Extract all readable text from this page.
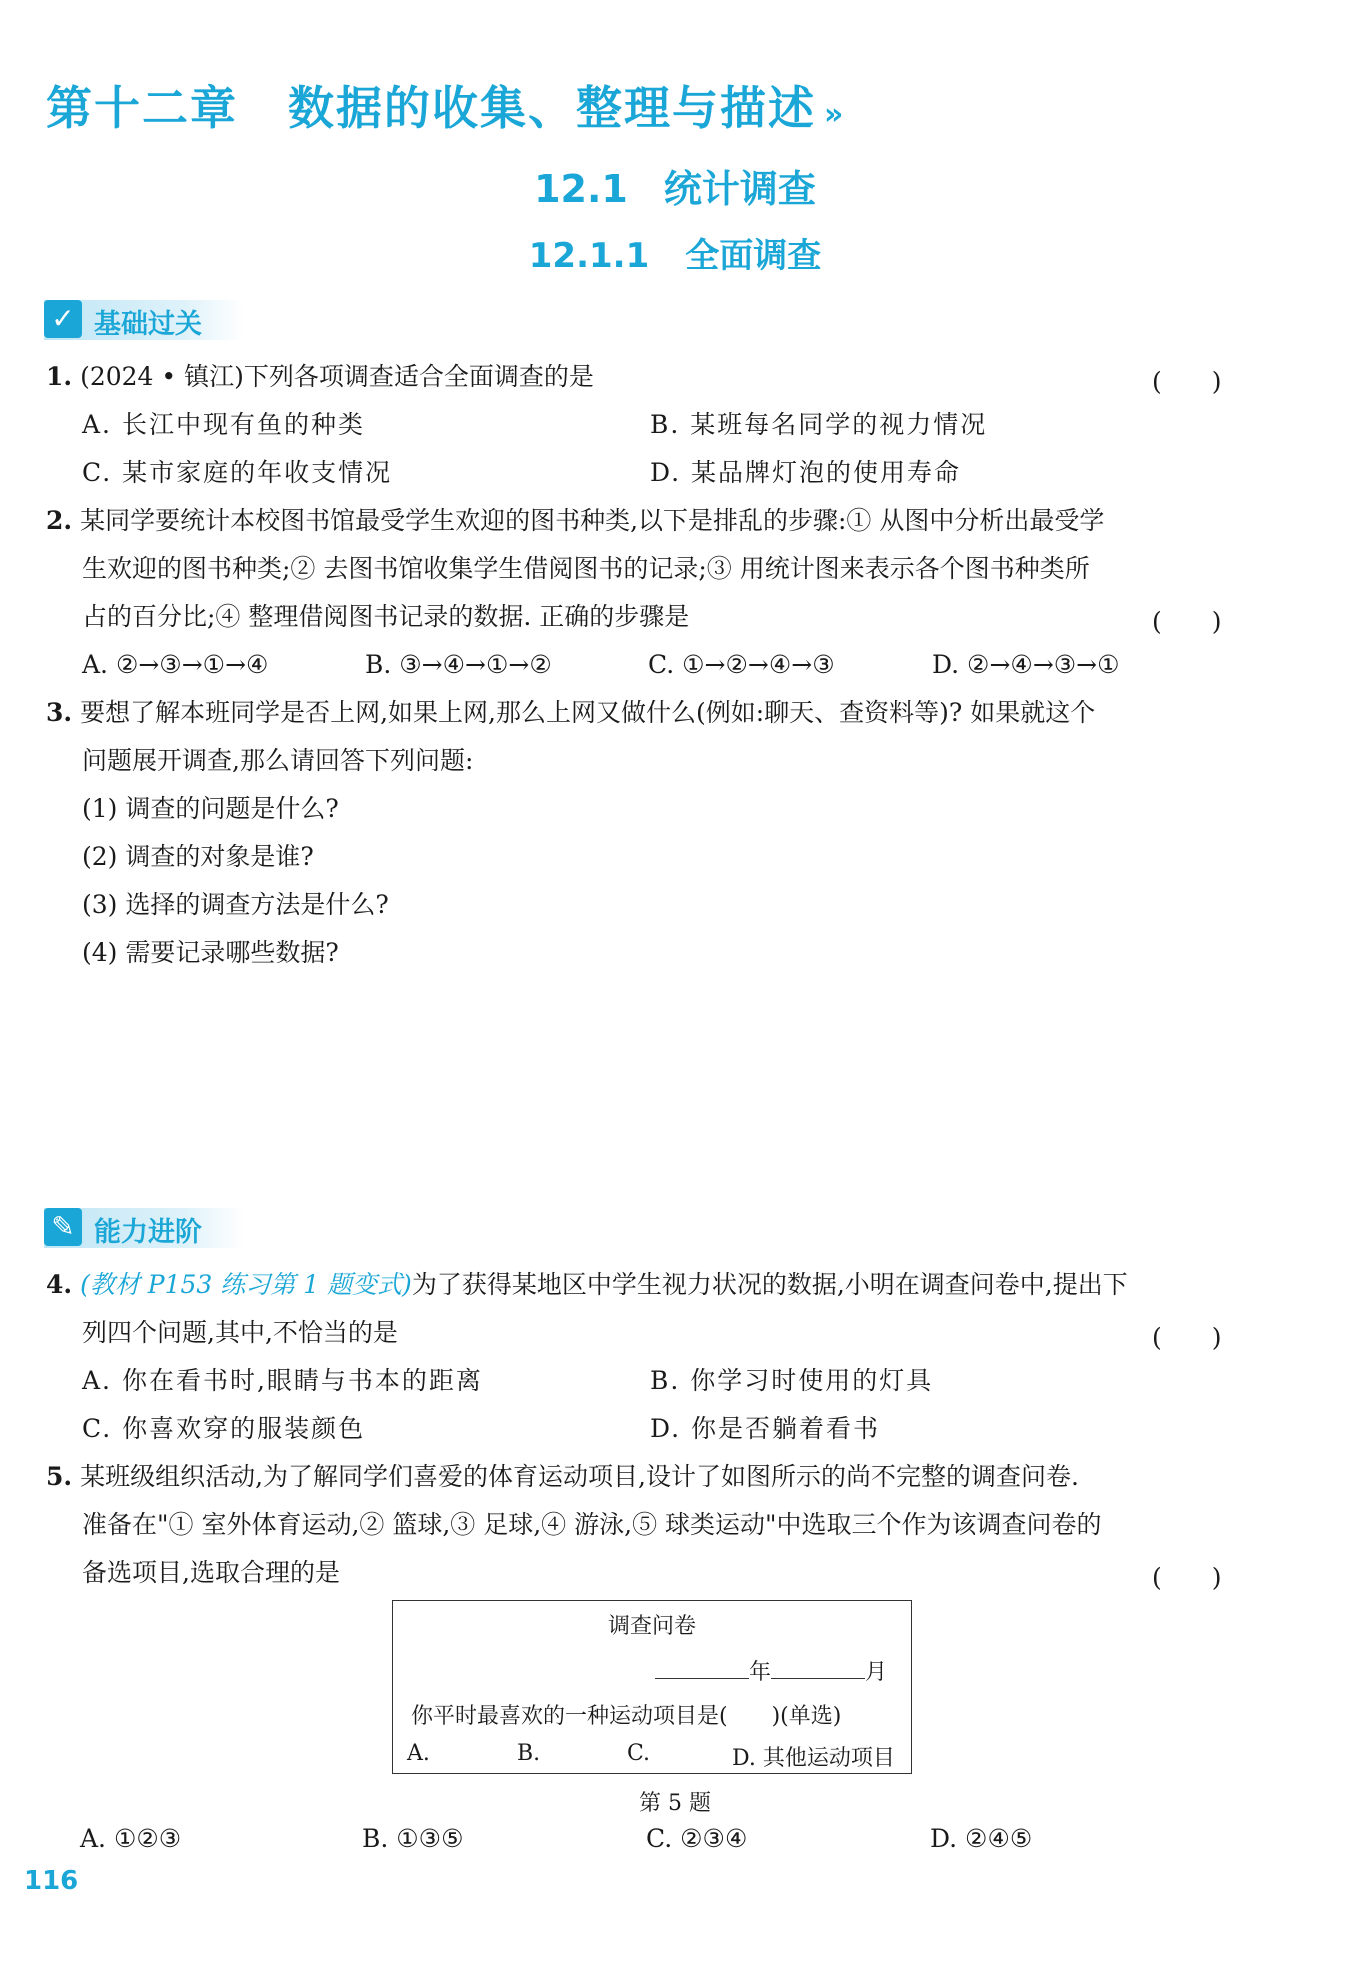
第十二章 数据的收集、整理与描述 »
12.1 统计调查
12.1.1 全面调查
✓ 基础过关
1. (2024 • 镇江)下列各项调查适合全面调查的是	(　　)
A. 长江中现有鱼的种类	B. 某班每名同学的视力情况
C. 某市家庭的年收支情况	D. 某品牌灯泡的使用寿命
2. 某同学要统计本校图书馆最受学生欢迎的图书种类,以下是排乱的步骤:① 从图中分析出最受学
生欢迎的图书种类;② 去图书馆收集学生借阅图书的记录;③ 用统计图来表示各个图书种类所
占的百分比;④ 整理借阅图书记录的数据. 正确的步骤是	(　　)
A. ②→③→①→④	B. ③→④→①→②	C. ①→②→④→③	D. ②→④→③→①
3. 要想了解本班同学是否上网,如果上网,那么上网又做什么(例如:聊天、查资料等)? 如果就这个
问题展开调查,那么请回答下列问题:
(1) 调查的问题是什么?
(2) 调查的对象是谁?
(3) 选择的调查方法是什么?
(4) 需要记录哪些数据?
✎ 能力进阶
4. (教材 P153 练习第 1 题变式)为了获得某地区中学生视力状况的数据,小明在调查问卷中,提出下
列四个问题,其中,不恰当的是	(　　)
A. 你在看书时,眼睛与书本的距离	B. 你学习时使用的灯具
C. 你喜欢穿的服装颜色	D. 你是否躺着看书
5. 某班级组织活动,为了解同学们喜爱的体育运动项目,设计了如图所示的尚不完整的调查问卷.
准备在"① 室外体育运动,② 篮球,③ 足球,④ 游泳,⑤ 球类运动"中选取三个作为该调查问卷的
备选项目,选取合理的是	(　　)
调查问卷
年	月
你平时最喜欢的一种运动项目是(　　)(单选)
A.	B.	C.	D. 其他运动项目
第 5 题
A. ①②③	B. ①③⑤	C. ②③④	D. ②④⑤
116
